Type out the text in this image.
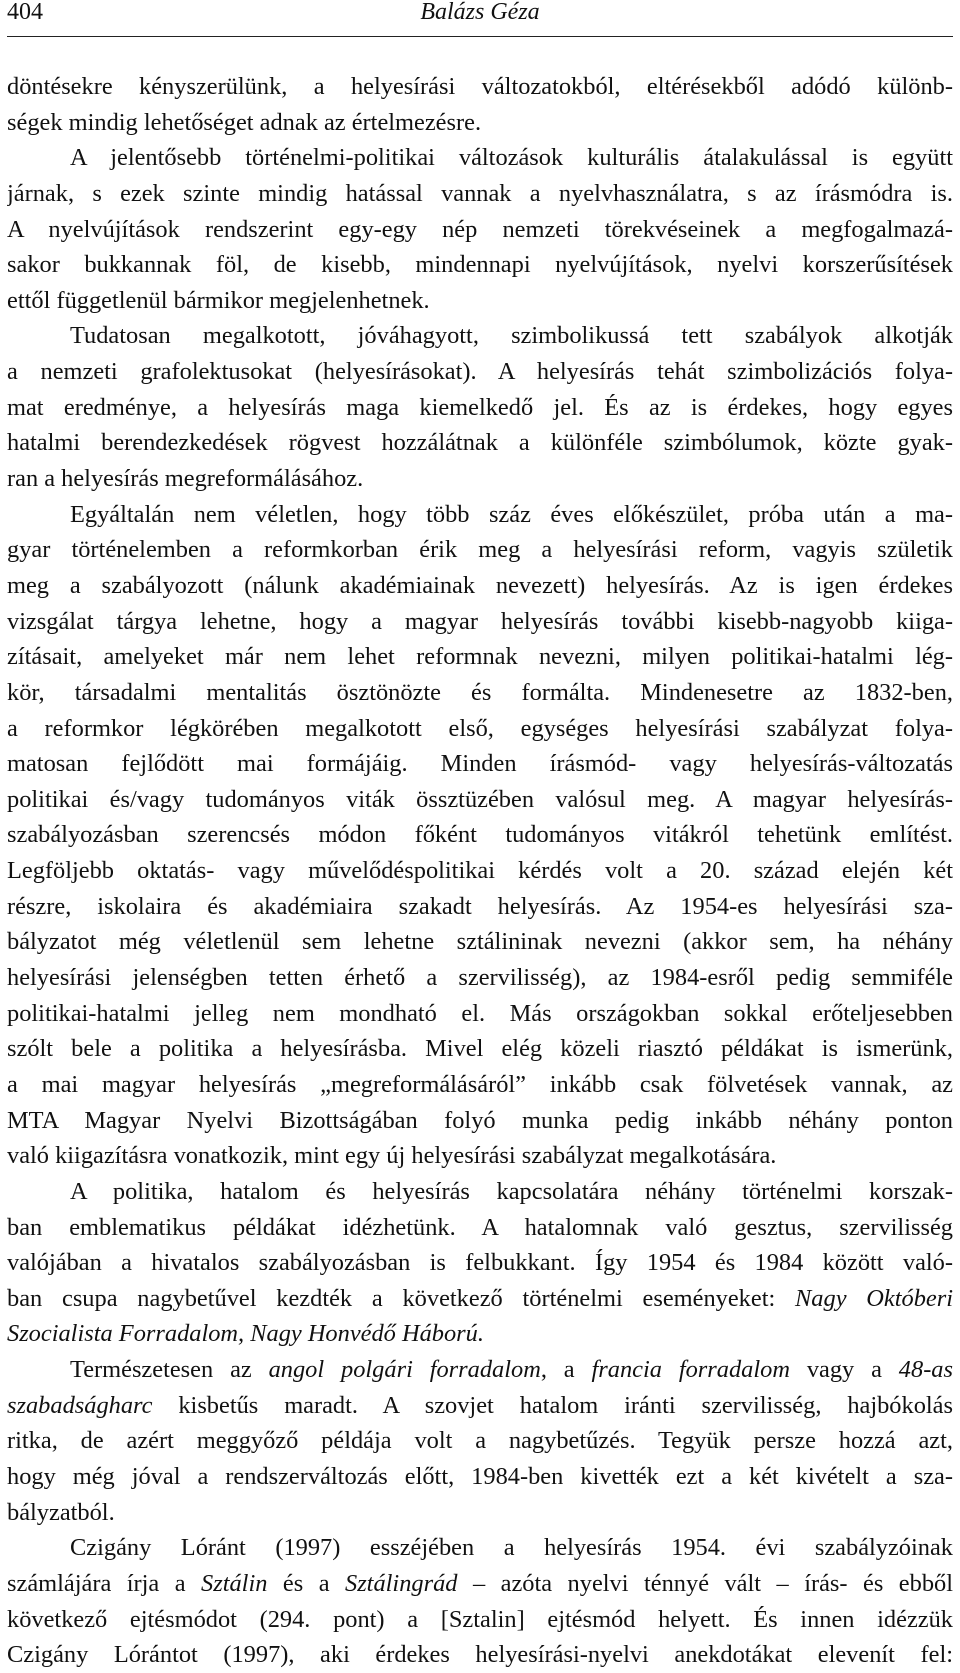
404	Balázs Géza
döntésekre kényszerülünk, a helyesírási változatokból, eltérésekből adódó különb-
ségek mindig lehetőséget adnak az értelmezésre.
A jelentősebb történelmi-politikai változások kulturális átalakulással is együtt
járnak, s ezek szinte mindig hatással vannak a nyelvhasználatra, s az írásmódra is.
A nyelvújítások rendszerint egy-egy nép nemzeti törekvéseinek a megfogalmazá-
sakor bukkannak föl, de kisebb, mindennapi nyelvújítások, nyelvi korszerűsítések
ettől függetlenül bármikor megjelenhetnek.
Tudatosan megalkotott, jóváhagyott, szimbolikussá tett szabályok alkotják
a nemzeti grafolektusokat (helyesírásokat). A helyesírás tehát szimbolizációs folya-
mat eredménye, a helyesírás maga kiemelkedő jel. És az is érdekes, hogy egyes
hatalmi berendezkedések rögvest hozzálátnak a különféle szimbólumok, közte gyak-
ran a helyesírás megreformálásához.
Egyáltalán nem véletlen, hogy több száz éves előkészület, próba után a ma-
gyar történelemben a reformkorban érik meg a helyesírási reform, vagyis születik
meg a szabályozott (nálunk akadémiainak nevezett) helyesírás. Az is igen érdekes
vizsgálat tárgya lehetne, hogy a magyar helyesírás további kisebb-nagyobb kiiga-
zításait, amelyeket már nem lehet reformnak nevezni, milyen politikai-hatalmi lég-
kör, társadalmi mentalitás ösztönözte és formálta. Mindenesetre az 1832-ben,
a reformkor légkörében megalkotott első, egységes helyesírási szabályzat folya-
matosan fejlődött mai formájáig. Minden írásmód- vagy helyesírás-változatás
politikai és/vagy tudományos viták össztüzében valósul meg. A magyar helyesírás-
szabályozásban szerencsés módon főként tudományos vitákról tehetünk említést.
Legföljebb oktatás- vagy művelődéspolitikai kérdés volt a 20. század elején két
részre, iskolaira és akadémiaira szakadt helyesírás. Az 1954-es helyesírási sza-
bályzatot még véletlenül sem lehetne sztálininak nevezni (akkor sem, ha néhány
helyesírási jelenségben tetten érhető a szervilisség), az 1984-esről pedig semmiféle
politikai-hatalmi jelleg nem mondható el. Más országokban sokkal erőteljesebben
szólt bele a politika a helyesírásba. Mivel elég közeli riasztó példákat is ismerünk,
a mai magyar helyesírás „megreformálásáról” inkább csak fölvetések vannak, az
MTA Magyar Nyelvi Bizottságában folyó munka pedig inkább néhány ponton
való kiigazításra vonatkozik, mint egy új helyesírási szabályzat megalkotására.
A politika, hatalom és helyesírás kapcsolatára néhány történelmi korszak-
ban emblematikus példákat idézhetünk. A hatalomnak való gesztus, szervilisség
valójában a hivatalos szabályozásban is felbukkant. Így 1954 és 1984 között való-
ban csupa nagybetűvel kezdték a következő történelmi eseményeket: Nagy Októberi
Szocialista Forradalom, Nagy Honvédő Háború.
Természetesen az angol polgári forradalom, a francia forradalom vagy a 48-as
szabadságharc kisbetűs maradt. A szovjet hatalom iránti szervilisség, hajbókolás
ritka, de azért meggyőző példája volt a nagybetűzés. Tegyük persze hozzá azt,
hogy még jóval a rendszerváltozás előtt, 1984-ben kivették ezt a két kivételt a sza-
bályzatból.
Czigány Lóránt (1997) esszéjében a helyesírás 1954. évi szabályzóinak
számlájára írja a Sztálin és a Sztálingrád – azóta nyelvi ténnyé vált – írás- és ebből
következő ejtésmódot (294. pont) a [Sztalin] ejtésmód helyett. És innen idézzük
Czigány Lórántot (1997), aki érdekes helyesírási-nyelvi anekdotákat elevenít fel:
